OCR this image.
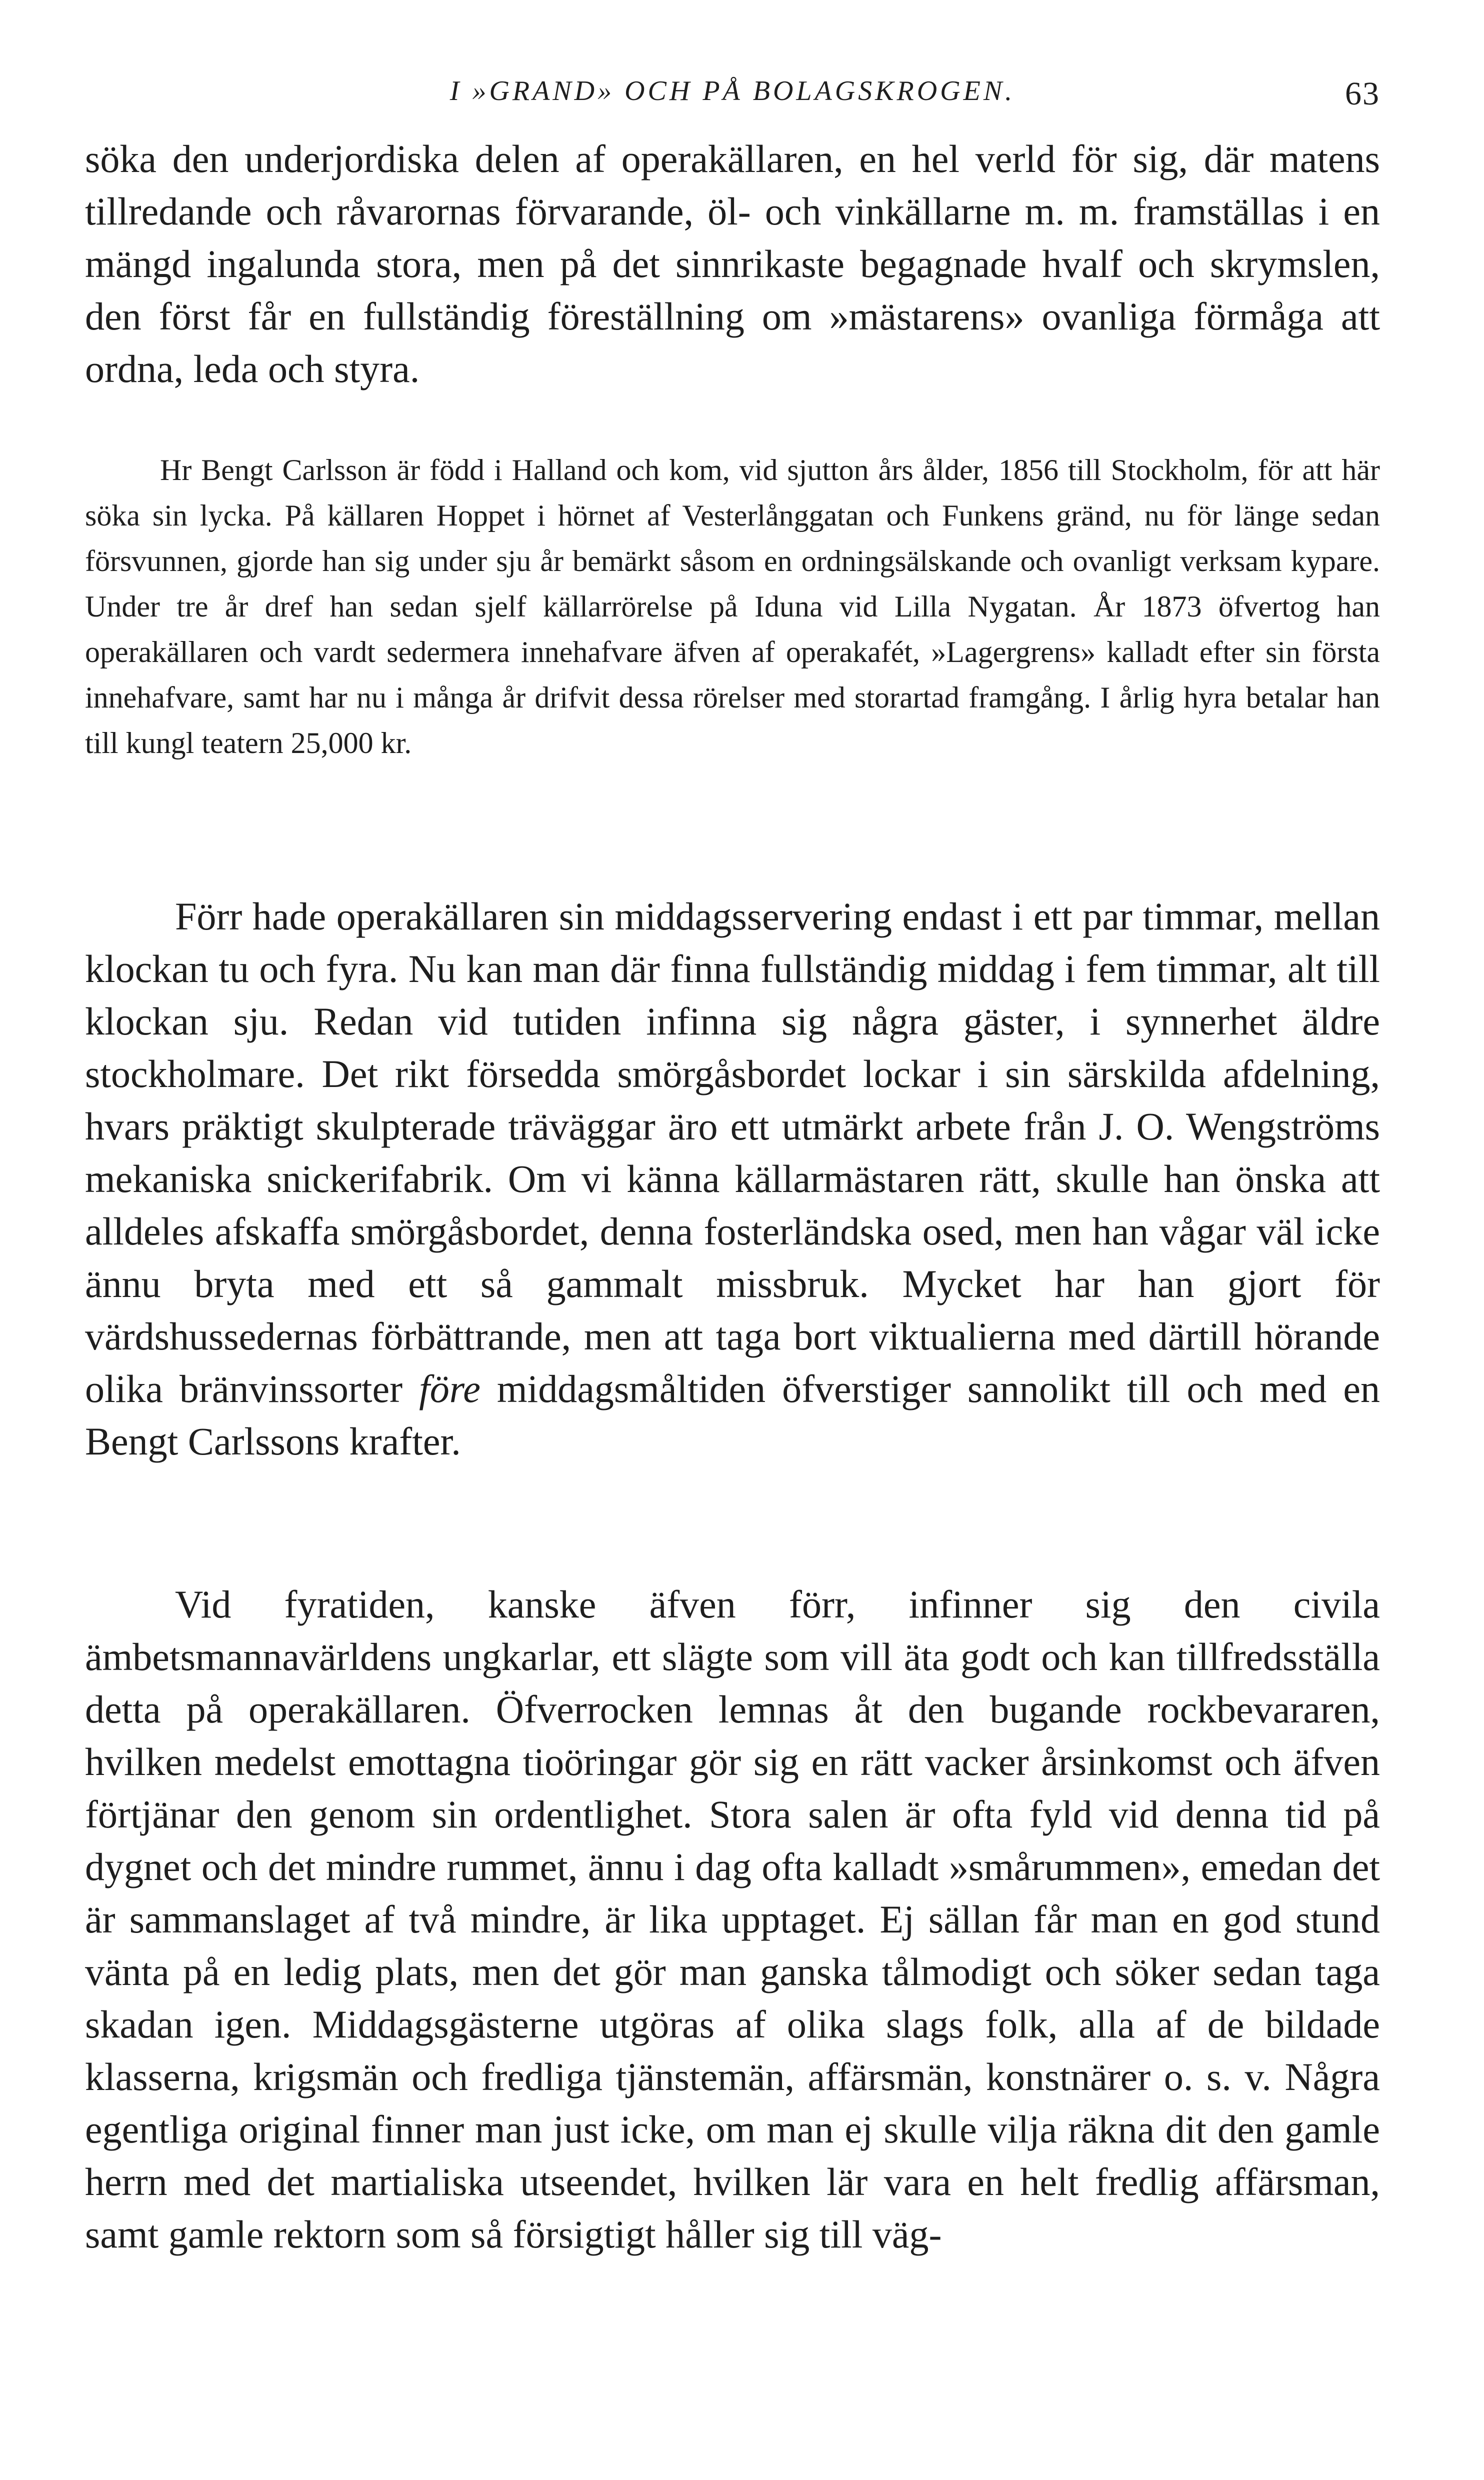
I »GRAND» OCH PÅ BOLAGSKROGEN.	63

söka den underjordiska delen af operakällaren, en hel verld för sig, där matens tillredande och råvarornas förvarande, öl- och vinkällarne m. m. framställas i en mängd ingalunda stora, men på det sinnrikaste begagnade hvalf och skrymslen, den först får en fullständig föreställning om »mästarens» ovanliga förmåga att ordna, leda och styra.

Hr Bengt Carlsson är född i Halland och kom, vid sjutton års ålder, 1856 till Stockholm, för att här söka sin lycka. På källaren Hoppet i hörnet af Vesterlånggatan och Funkens gränd, nu för länge sedan försvunnen, gjorde han sig under sju år bemärkt såsom en ordningsälskande och ovanligt verksam kypare. Under tre år dref han sedan sjelf källarrörelse på Iduna vid Lilla Nygatan. År 1873 öfvertog han operakällaren och vardt sedermera innehafvare äfven af operakafét, »Lagergrens» kalladt efter sin första innehafvare, samt har nu i många år drifvit dessa rörelser med storartad framgång. I årlig hyra betalar han till kungl teatern 25,000 kr.

Förr hade operakällaren sin middagsservering endast i ett par timmar, mellan klockan tu och fyra. Nu kan man där finna fullständig middag i fem timmar, alt till klockan sju. Redan vid tutiden infinna sig några gäster, i synnerhet äldre stockholmare. Det rikt försedda smörgåsbordet lockar i sin särskilda afdelning, hvars präktigt skulpterade träväggar äro ett utmärkt arbete från J. O. Wengströms mekaniska snickerifabrik. Om vi känna källarmästaren rätt, skulle han önska att alldeles afskaffa smörgåsbordet, denna fosterländska osed, men han vågar väl icke ännu bryta med ett så gammalt missbruk. Mycket har han gjort för värdshussedernas förbättrande, men att taga bort viktualierna med därtill hörande olika bränvinssorter före middagsmåltiden öfverstiger sannolikt till och med en Bengt Carlssons krafter.

Vid fyratiden, kanske äfven förr, infinner sig den civila ämbetsmannavärldens ungkarlar, ett slägte som vill äta godt och kan tillfredsställa detta på operakällaren. Öfverrocken lemnas åt den bugande rockbevararen, hvilken medelst emottagna tioöringar gör sig en rätt vacker årsinkomst och äfven förtjänar den genom sin ordentlighet. Stora salen är ofta fyld vid denna tid på dygnet och det mindre rummet, ännu i dag ofta kalladt »smårummen», emedan det är sammanslaget af två mindre, är lika upptaget. Ej sällan får man en god stund vänta på en ledig plats, men det gör man ganska tålmodigt och söker sedan taga skadan igen. Middagsgästerne utgöras af olika slags folk, alla af de bildade klasserna, krigsmän och fredliga tjänstemän, affärsmän, konstnärer o. s. v. Några egentliga original finner man just icke, om man ej skulle vilja räkna dit den gamle herrn med det martialiska utseendet, hvilken lär vara en helt fredlig affärsman, samt gamle rektorn som så försigtigt håller sig till väg-
